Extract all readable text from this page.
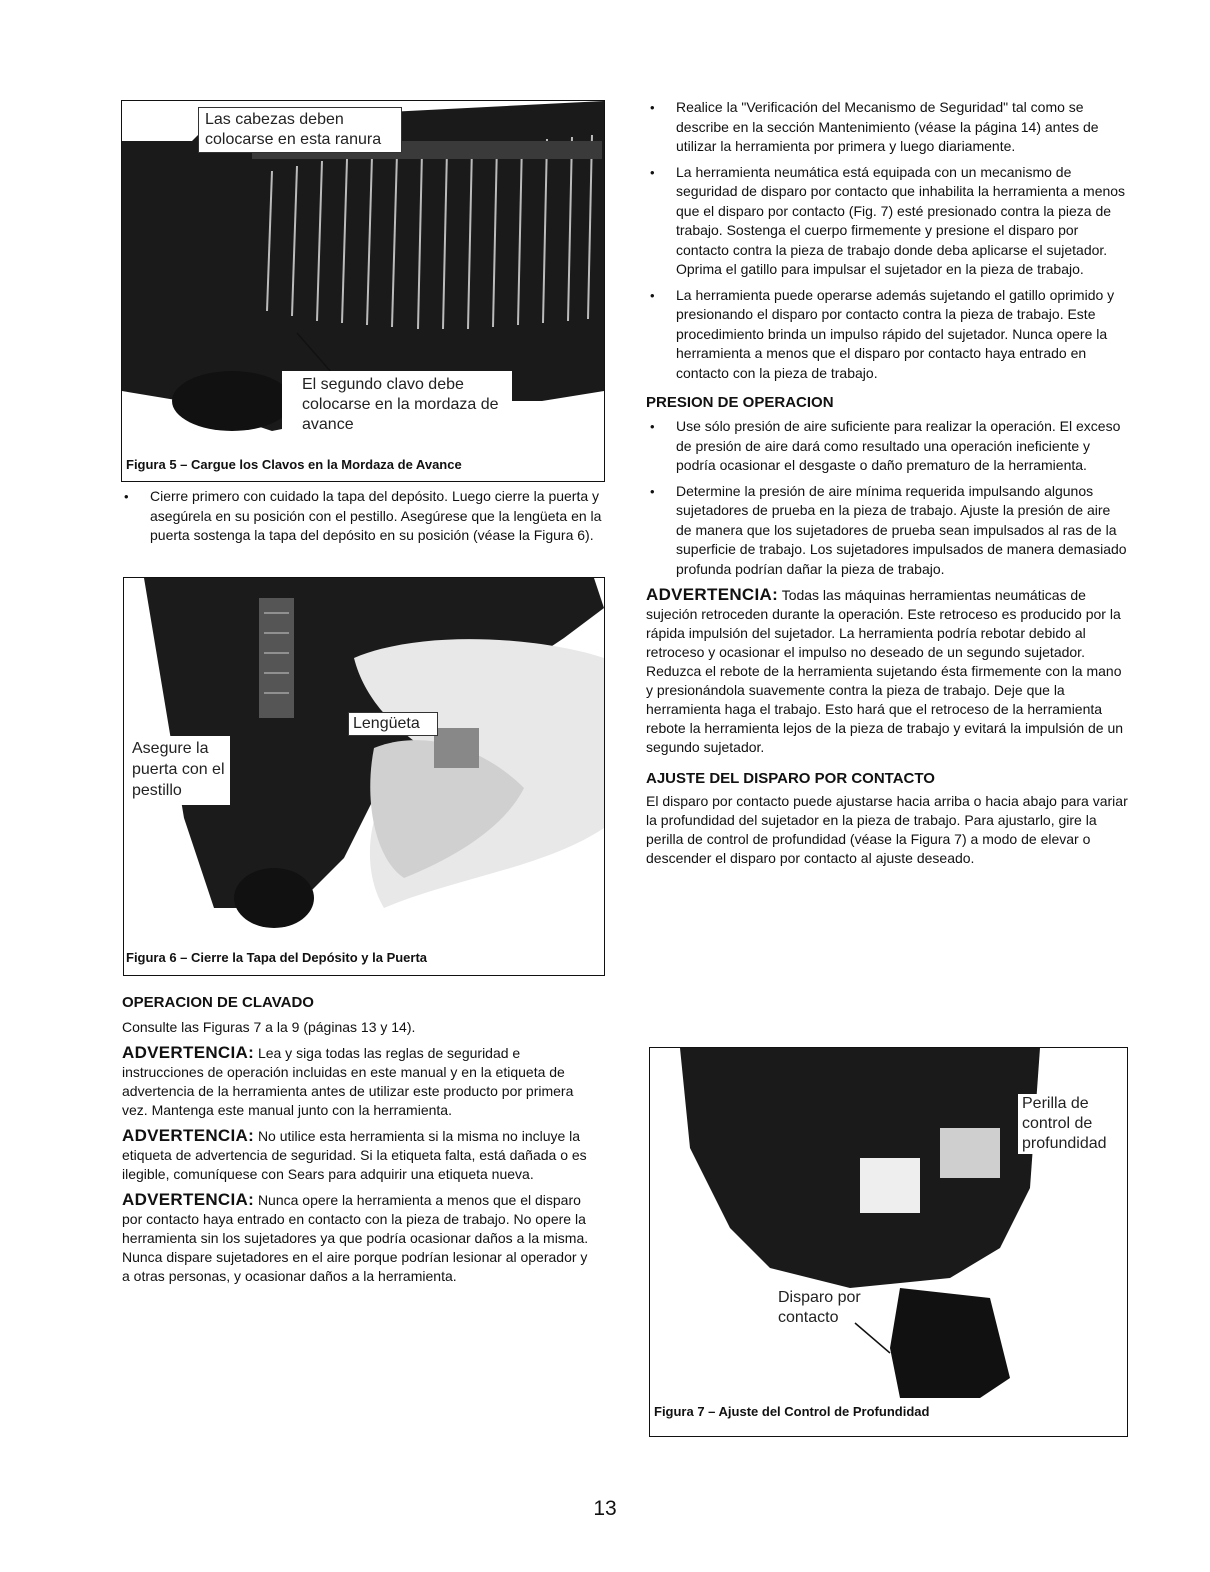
Las cabezas deben colocarse en esta ranura
El segundo clavo debe colocarse en la mordaza de avance
Figura 5 – Cargue los Clavos en la Mordaza de Avance
• Cierre primero con cuidado la tapa del depósito. Luego cierre la puerta y asegúrela en su posición con el pestillo. Asegúrese que la lengüeta en la puerta sostenga la tapa del depósito en su posición (véase la Figura 6).
Lengüeta
Asegure la puerta con el pestillo
Figura 6 – Cierre la Tapa del Depósito y la Puerta
OPERACION DE CLAVADO

Consulte las Figuras 7 a la 9 (páginas 13 y 14).

ADVERTENCIA: Lea y siga todas las reglas de seguridad e instrucciones de operación incluidas en este manual y en la etiqueta de advertencia de la herramienta antes de utilizar este producto por primera vez. Mantenga este manual junto con la herramienta.

ADVERTENCIA: No utilice esta herramienta si la misma no incluye la etiqueta de advertencia de seguridad. Si la etiqueta falta, está dañada o es ilegible, comuníquese con Sears para adquirir una etiqueta nueva.

ADVERTENCIA: Nunca opere la herramienta a menos que el disparo por contacto haya entrado en contacto con la pieza de trabajo. No opere la herramienta sin los sujetadores ya que podría ocasionar daños a la misma. Nunca dispare sujetadores en el aire porque podrían lesionar al operador y a otras personas, y ocasionar daños a la herramienta.

• Realice la "Verificación del Mecanismo de Seguridad" tal como se describe en la sección Mantenimiento (véase la página 14) antes de utilizar la herramienta por primera y luego diariamente.
• La herramienta neumática está equipada con un mecanismo de seguridad de disparo por contacto que inhabilita la herramienta a menos que el disparo por contacto (Fig. 7) esté presionado contra la pieza de trabajo. Sostenga el cuerpo firmemente y presione el disparo por contacto contra la pieza de trabajo donde deba aplicarse el sujetador. Oprima el gatillo para impulsar el sujetador en la pieza de trabajo.
• La herramienta puede operarse además sujetando el gatillo oprimido y presionando el disparo por contacto contra la pieza de trabajo. Este procedimiento brinda un impulso rápido del sujetador. Nunca opere la herramienta a menos que el disparo por contacto haya entrado en contacto con la pieza de trabajo.
PRESION DE OPERACION
• Use sólo presión de aire suficiente para realizar la operación. El exceso de presión de aire dará como resultado una operación ineficiente y podría ocasionar el desgaste o daño prematuro de la herramienta.
• Determine la presión de aire mínima requerida impulsando algunos sujetadores de prueba en la pieza de trabajo. Ajuste la presión de aire de manera que los sujetadores de prueba sean impulsados al ras de la superficie de trabajo. Los sujetadores impulsados de manera demasiado profunda podrían dañar la pieza de trabajo.

ADVERTENCIA: Todas las máquinas herramientas neumáticas de sujeción retroceden durante la operación. Este retroceso es producido por la rápida impulsión del sujetador. La herramienta podría rebotar debido al retroceso y ocasionar el impulso no deseado de un segundo sujetador. Reduzca el rebote de la herramienta sujetando ésta firmemente con la mano y presionándola suavemente contra la pieza de trabajo. Deje que la herramienta haga el trabajo. Esto hará que el retroceso de la herramienta rebote la herramienta lejos de la pieza de trabajo y evitará la impulsión de un segundo sujetador.

AJUSTE DEL DISPARO POR CONTACTO

El disparo por contacto puede ajustarse hacia arriba o hacia abajo para variar la profundidad del sujetador en la pieza de trabajo. Para ajustarlo, gire la perilla de control de profundidad (véase la Figura 7) a modo de elevar o descender el disparo por contacto al ajuste deseado.

Perilla de control de profundidad
Disparo por contacto
Figura 7 – Ajuste del Control de Profundidad
13
